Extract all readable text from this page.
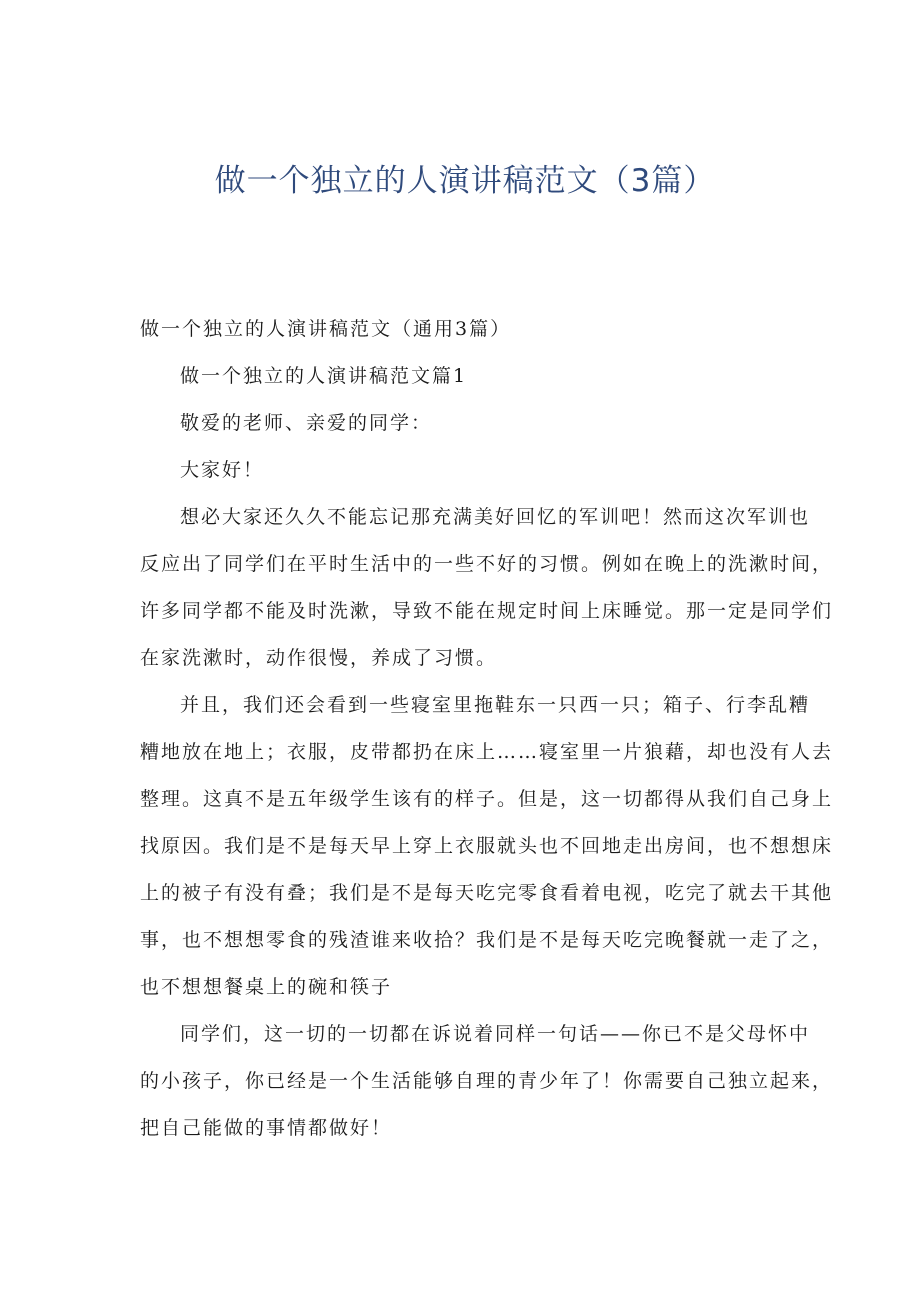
做一个独立的人演讲稿范文（3篇）
做一个独立的人演讲稿范文（通用3篇）
做一个独立的人演讲稿范文篇1
敬爱的老师、亲爱的同学：
大家好！
想必大家还久久不能忘记那充满美好回忆的军训吧！然而这次军训也
反应出了同学们在平时生活中的一些不好的习惯。例如在晚上的洗漱时间，
许多同学都不能及时洗漱，导致不能在规定时间上床睡觉。那一定是同学们
在家洗漱时，动作很慢，养成了习惯。
并且，我们还会看到一些寝室里拖鞋东一只西一只；箱子、行李乱糟
糟地放在地上；衣服，皮带都扔在床上……寝室里一片狼藉，却也没有人去
整理。这真不是五年级学生该有的样子。但是，这一切都得从我们自己身上
找原因。我们是不是每天早上穿上衣服就头也不回地走出房间，也不想想床
上的被子有没有叠；我们是不是每天吃完零食看着电视，吃完了就去干其他
事，也不想想零食的残渣谁来收拾？我们是不是每天吃完晚餐就一走了之，
也不想想餐桌上的碗和筷子
同学们，这一切的一切都在诉说着同样一句话——你已不是父母怀中
的小孩子，你已经是一个生活能够自理的青少年了！你需要自己独立起来，
把自己能做的事情都做好！
